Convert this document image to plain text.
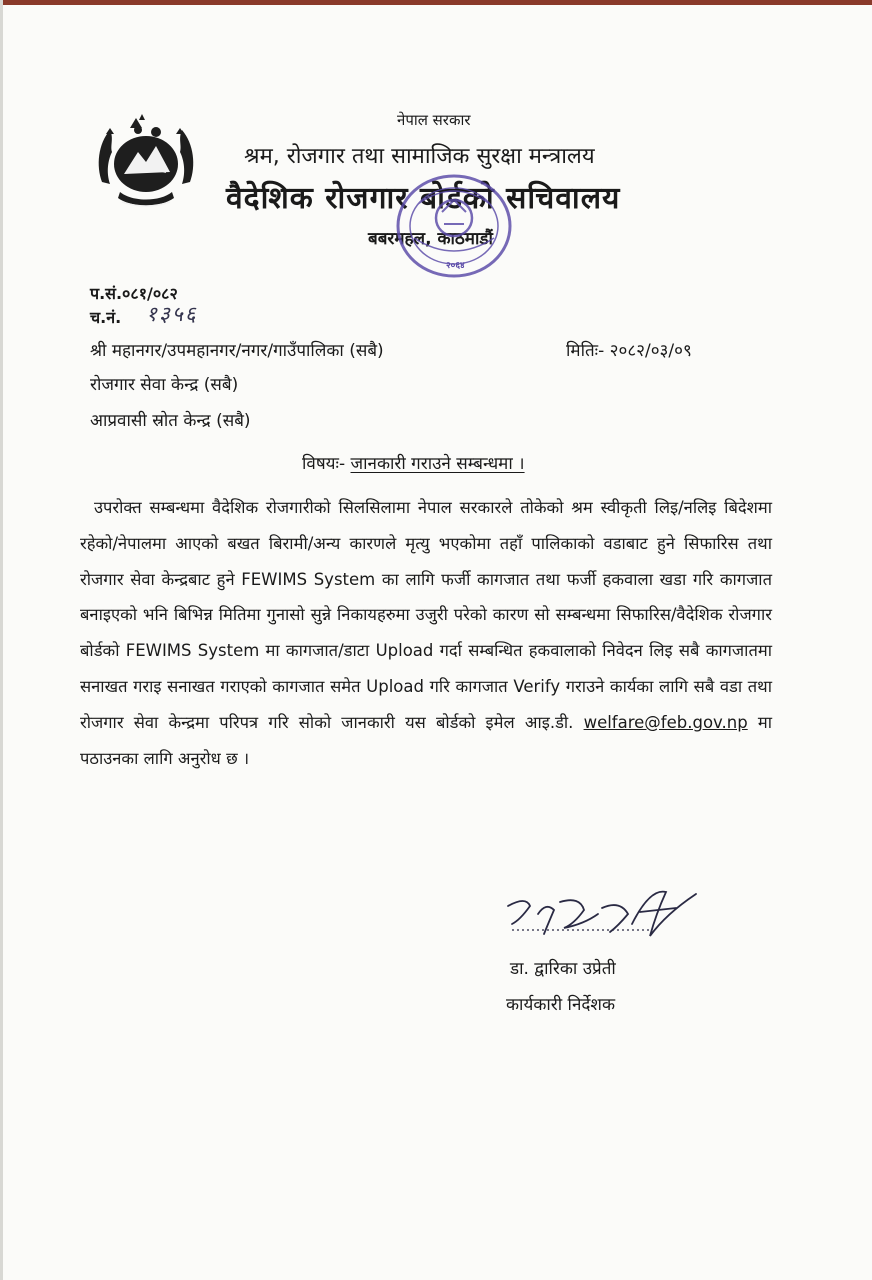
नेपाल सरकार
श्रम, रोजगार तथा सामाजिक सुरक्षा मन्त्रालय
वैदेशिक रोजगार बोर्डको सचिवालय
बबरमहल, काठमाडौं
२०६४
प.सं.०८१/०८२
च.नं. १३५६
श्री महानगर/उपमहानगर/नगर/गाउँपालिका (सबै)	मितिः- २०८२/०३/०९
रोजगार सेवा केन्द्र (सबै)
आप्रवासी स्रोत केन्द्र (सबै)
विषयः- जानकारी गराउने सम्बन्धमा ।
उपरोक्त सम्बन्धमा वैदेशिक रोजगारीको सिलसिलामा नेपाल सरकारले तोकेको श्रम स्वीकृती लिइ/नलिइ बिदेशमा रहेको/नेपालमा आएको बखत बिरामी/अन्य कारणले मृत्यु भएकोमा तहाँ पालिकाको वडाबाट हुने सिफारिस तथा रोजगार सेवा केन्द्रबाट हुने FEWIMS System का लागि फर्जी कागजात तथा फर्जी हकवाला खडा गरि कागजात बनाइएको भनि बिभिन्न मितिमा गुनासो सुन्ने निकायहरुमा उजुरी परेको कारण सो सम्बन्धमा सिफारिस/वैदेशिक रोजगार बोर्डको FEWIMS System मा कागजात/डाटा Upload गर्दा सम्बन्धित हकवालाको निवेदन लिइ सबै कागजातमा सनाखत गराइ सनाखत गराएको कागजात समेत Upload गरि कागजात Verify गराउने कार्यका लागि सबै वडा तथा रोजगार सेवा केन्द्रमा परिपत्र गरि सोको जानकारी यस बोर्डको इमेल आइ.डी. welfare@feb.gov.np मा पठाउनका लागि अनुरोध छ ।
डा. द्वारिका उप्रेती
कार्यकारी निर्देशक
